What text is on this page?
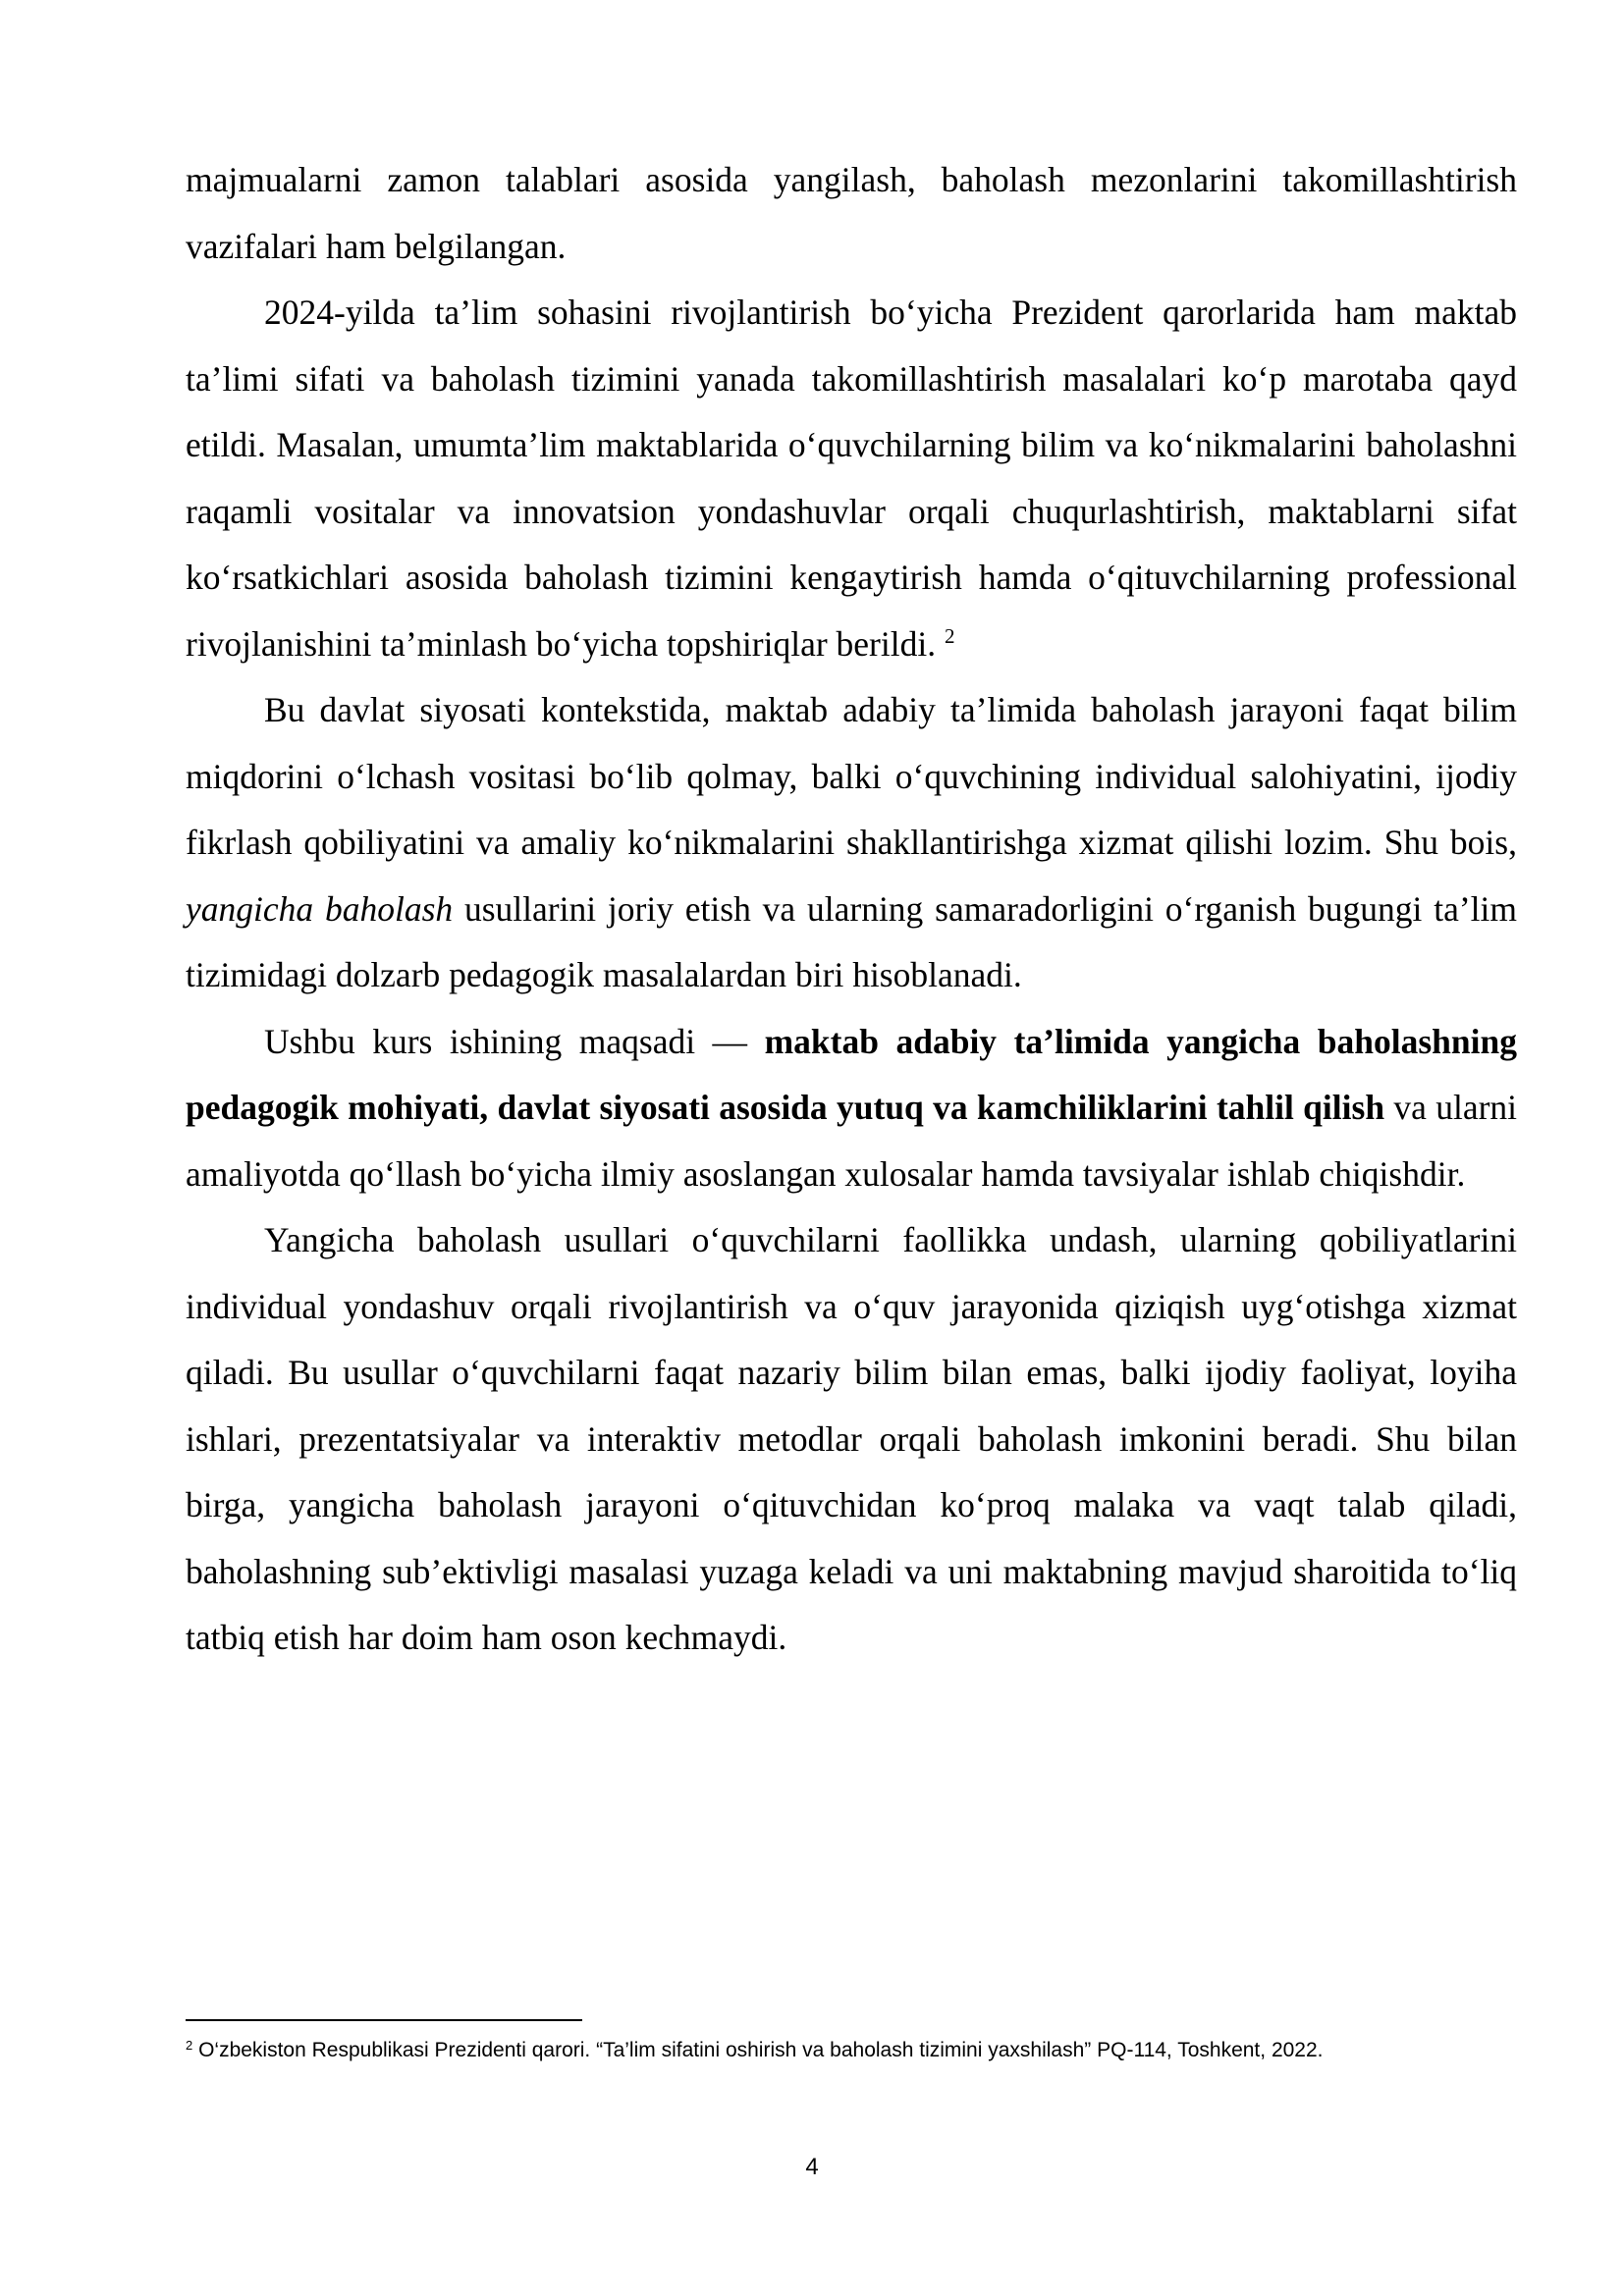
majmualarni zamon talablari asosida yangilash, baholash mezonlarini takomillashtirish vazifalari ham belgilangan.

2024-yilda ta’lim sohasini rivojlantirish bo‘yicha Prezident qarorlarida ham maktab ta’limi sifati va baholash tizimini yanada takomillashtirish masalalari ko‘p marotaba qayd etildi. Masalan, umumta’lim maktablarida o‘quvchilarning bilim va ko‘nikmalarini baholashni raqamli vositalar va innovatsion yondashuvlar orqali chuqurlashtirish, maktablarni sifat ko‘rsatkichlari asosida baholash tizimini kengaytirish hamda o‘qituvchilarning professional rivojlanishini ta’minlash bo‘yicha topshiriqlar berildi. $^2$

Bu davlat siyosati kontekstida, maktab adabiy ta’limida baholash jarayoni faqat bilim miqdorini o‘lchash vositasi bo‘lib qolmay, balki o‘quvchining individual salohiyatini, ijodiy fikrlash qobiliyatini va amaliy ko‘nikmalarini shakllantirishga xizmat qilishi lozim. Shu bois, yangicha baholash usullarini joriy etish va ularning samaradorligini o‘rganish bugungi ta’lim tizimidagi dolzarb pedagogik masalalardan biri hisoblanadi.

Ushbu kurs ishining maqsadi — maktab adabiy ta’limida yangicha baholashning pedagogik mohiyati, davlat siyosati asosida yutuq va kamchiliklarini tahlil qilish va ularni amaliyotda qo‘llash bo‘yicha ilmiy asoslangan xulosalar hamda tavsiyalar ishlab chiqishdir.

Yangicha baholash usullari o‘quvchilarni faollikka undash, ularning qobiliyatlarini individual yondashuv orqali rivojlantirish va o‘quv jarayonida qiziqish uyg‘otishga xizmat qiladi. Bu usullar o‘quvchilarni faqat nazariy bilim bilan emas, balki ijodiy faoliyat, loyiha ishlari, prezentatsiyalar va interaktiv metodlar orqali baholash imkonini beradi. Shu bilan birga, yangicha baholash jarayoni o‘qituvchidan ko‘proq malaka va vaqt talab qiladi, baholashning sub’ektivligi masalasi yuzaga keladi va uni maktabning mavjud sharoitida to‘liq tatbiq etish har doim ham oson kechmaydi.

$^2$ O‘zbekiston Respublikasi Prezidenti qarori. “Ta’lim sifatini oshirish va baholash tizimini yaxshilash” PQ-114, Toshkent, 2022.
4
